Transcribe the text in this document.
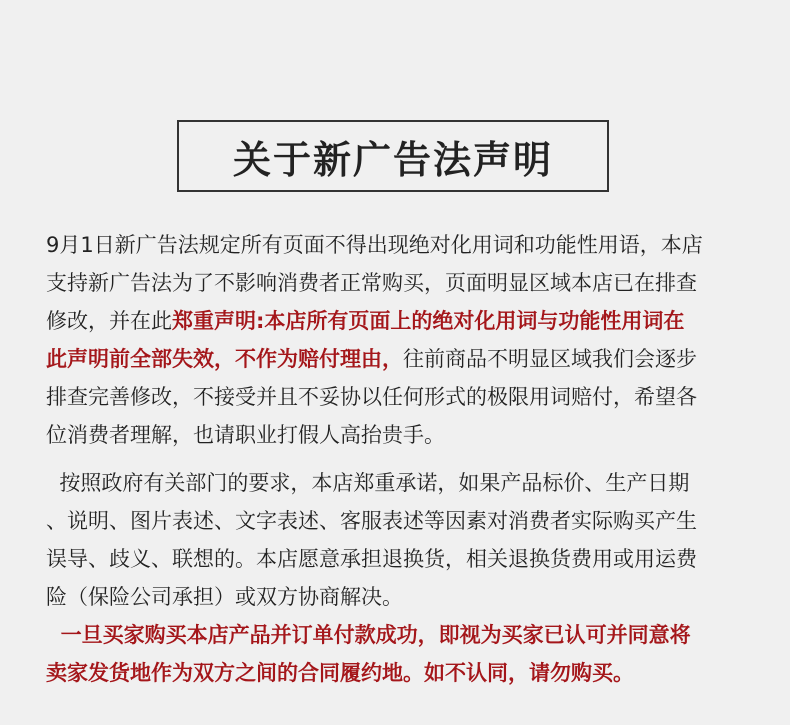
关于新广告法声明
9月1日新广告法规定所有页面不得出现绝对化用词和功能性用语，本店
支持新广告法为了不影响消费者正常购买，页面明显区域本店已在排查
修改，并在此郑重声明:本店所有页面上的绝对化用词与功能性用词在
此声明前全部失效，不作为赔付理由，往前商品不明显区域我们会逐步
排查完善修改，不接受并且不妥协以任何形式的极限用词赔付，希望各
位消费者理解，也请职业打假人高抬贵手。
按照政府有关部门的要求，本店郑重承诺，如果产品标价、生产日期
、说明、图片表述、文字表述、客服表述等因素对消费者实际购买产生
误导、歧义、联想的。本店愿意承担退换货，相关退换货费用或用运费
险（保险公司承担）或双方协商解决。
一旦买家购买本店产品并订单付款成功，即视为买家已认可并同意将
卖家发货地作为双方之间的合同履约地。如不认同，请勿购买。
